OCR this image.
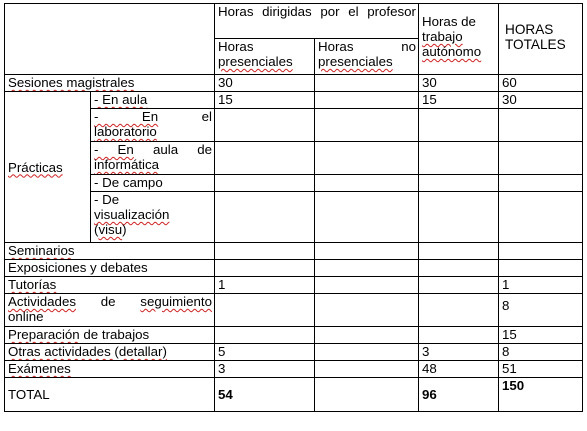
		Horas dirigidas por el profesor		Horas de trabajo autónomo	HORAS TOTALES
		Horas
presenciales	Horas no
presenciales		
Sesiones magistrales		30		30	60
Prácticas	- En aula	15		15	30

	- En el
laboratorio				

	- En aula de
informática				
	- De campo				
	- De
visualización
(visu)				
Seminarios					
Exposiciones y debates					
Tutorías		1			1

Actividades de seguimiento
online					8
Preparación de trabajos					15
Otras actividades (detallar)		5		3	8
Exámenes		3		48	51
TOTAL		54		96	150
